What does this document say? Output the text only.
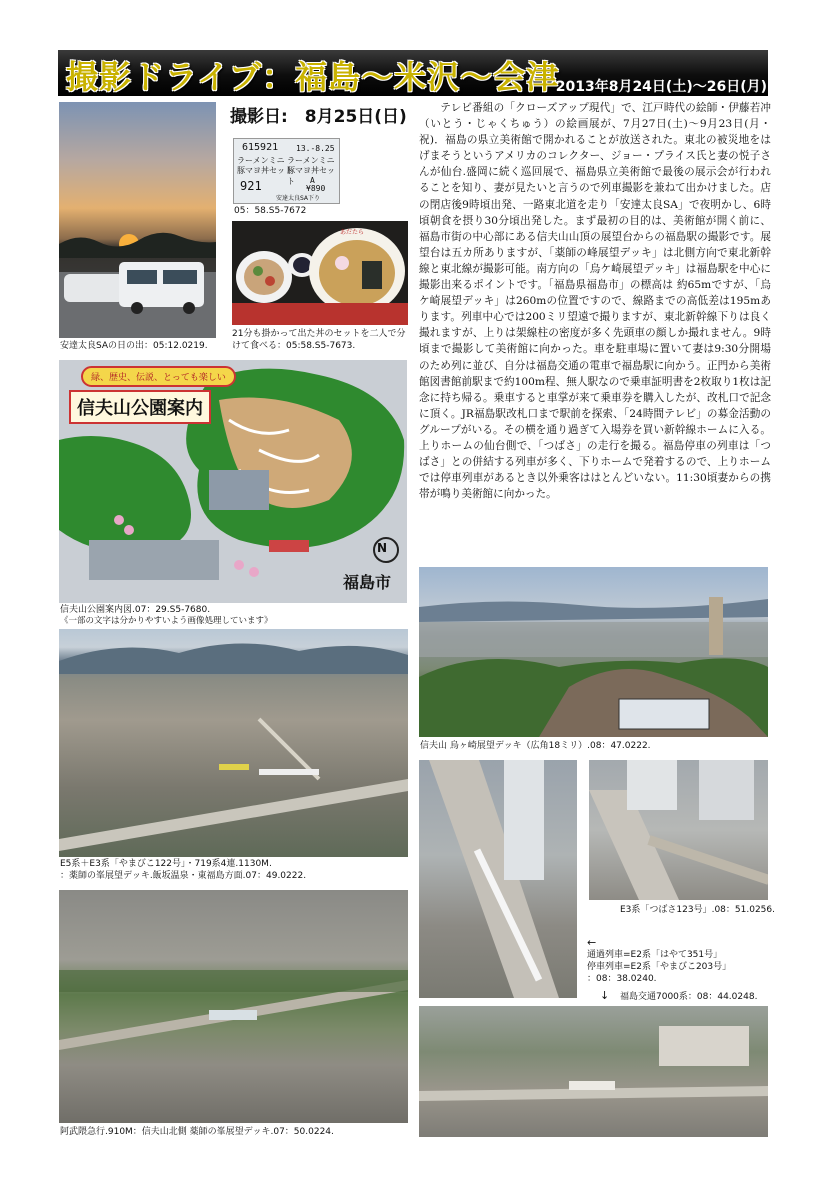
撮影ドライブ：福島〜米沢〜会津
2013年8月24日(土)〜26日(月)
安達太良SAの日の出：05:12.0219.
撮影日:　8月25日(日)
615921 13.-8.25
ラーメンミニ ラーメンミニ
豚マヨ丼セット
豚マヨ丼セット
921	A
¥890
安達太良SA下り
05：58.S5-7672
あだたら
21分も掛かって出た丼のセットを二人で分けて食べる：05:58.S5-7673.
テレビ番組の「クローズアップ現代」で、江戸時代の絵師・伊藤若冲（いとう・じゃくちゅう）の絵画展が、7月27日(土)〜9月23日(月・祝)．福島の県立美術館で開かれることが放送された。東北の被災地をはげまそうというアメリカのコレクター、ジョー・プライス氏と妻の悦子さんが仙台.盛岡に続く巡回展で、福島県立美術館で最後の展示会が行われることを知り、妻が見たいと言うので列車撮影を兼ねて出かけました。店の閉店後9時頃出発、一路東北道を走り「安達太良SA」で夜明かし、6時頃朝食を摂り30分頃出発した。まず最初の目的は、美術館が開く前に、福島市街の中心部にある信夫山山頂の展望台からの福島駅の撮影です。展望台は五カ所ありますが、「薬師の峰展望デッキ」は北側方向で東北新幹線と東北線が撮影可能。南方向の「烏ケ崎展望デッキ」は福島駅を中心に撮影出来るポイントです。「福島県福島市」の標高は 約65mですが、「烏ケ崎展望デッキ」は260mの位置ですので、線路までの高低差は195mあります。列車中心では200ミリ望遠で撮りますが、東北新幹線下りは良く撮れますが、上りは架線柱の密度が多く先頭車の顔しか撮れません。9時頃まで撮影して美術館に向かった。車を駐車場に置いて妻は9:30分開場のため列に並び、自分は福島交通の電車で福島駅に向かう。正門から美術館図書館前駅まで約100m程、無人駅なので乗車証明書を2枚取り1枚は記念に持ち帰る。乗車すると車掌が来て乗車券を購入したが、改札口で記念に頂く。JR福島駅改札口まで駅前を探索、「24時間テレビ」の募金活動のグループがいる。その横を通り過ぎて入場券を買い新幹線ホームに入る。上りホームの仙台側で、「つばさ」の走行を撮る。福島停車の列車は「つばさ」との併結する列車が多く、下りホームで発着するので、上りホームでは停車列車があるとき以外乗客ははとんどいない。11:30頃妻からの携帯が鳴り美術館に向かった。
緑、歴史、伝説、とっても楽しい
信夫山公園案内
N
福島市
信夫山公園案内図.07：29.S5-7680.
《一部の文字は分かりやすいよう画像処理しています》
信夫山 烏ヶ崎展望デッキ（広角18ミリ）.08：47.0222.
E5系＋E3系「やまびこ122号」・719系4連.1130M.
：薬師の峯展望デッキ.飯坂温泉・東福島方面.07：49.0222.
阿武隈急行.910M：信夫山北側 薬師の峯展望デッキ.07：50.0224.
E3系「つばさ123号」.08：51.0256.
←
通過列車=E2系「はやて351号」
停車列車=E2系「やまびこ203号」
：08：38.0240.
↓ 福島交通7000系：08：44.0248.
